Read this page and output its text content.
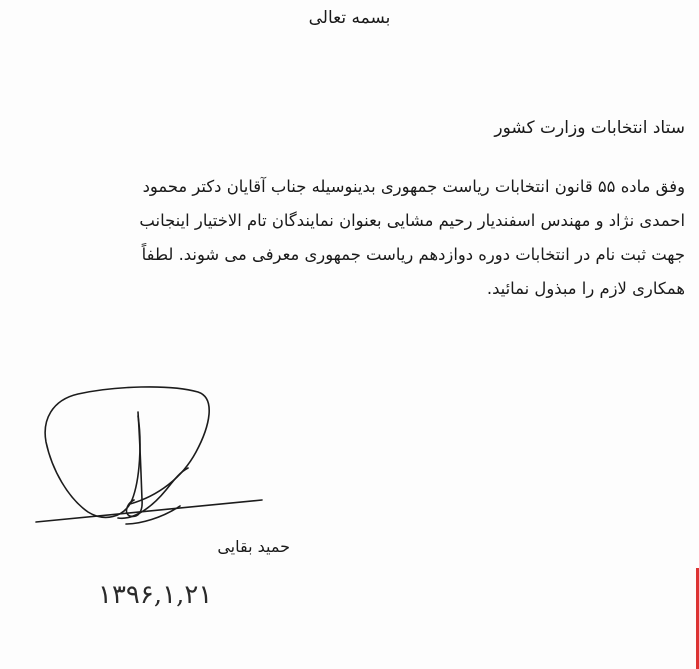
بسمه تعالی
ستاد انتخابات وزارت کشور
وفق ماده ۵۵ قانون انتخابات ریاست جمهوری بدینوسیله جناب آقایان دکتر محمود
احمدی نژاد و مهندس اسفندیار رحیم مشایی بعنوان نمایندگان تام الاختیار اینجانب
جهت ثبت نام در انتخابات دوره دوازدهم ریاست جمهوری معرفی می شوند. لطفاً
همکاری لازم را مبذول نمائید.
حمید بقایی
۱۳۹۶,۱,۲۱
